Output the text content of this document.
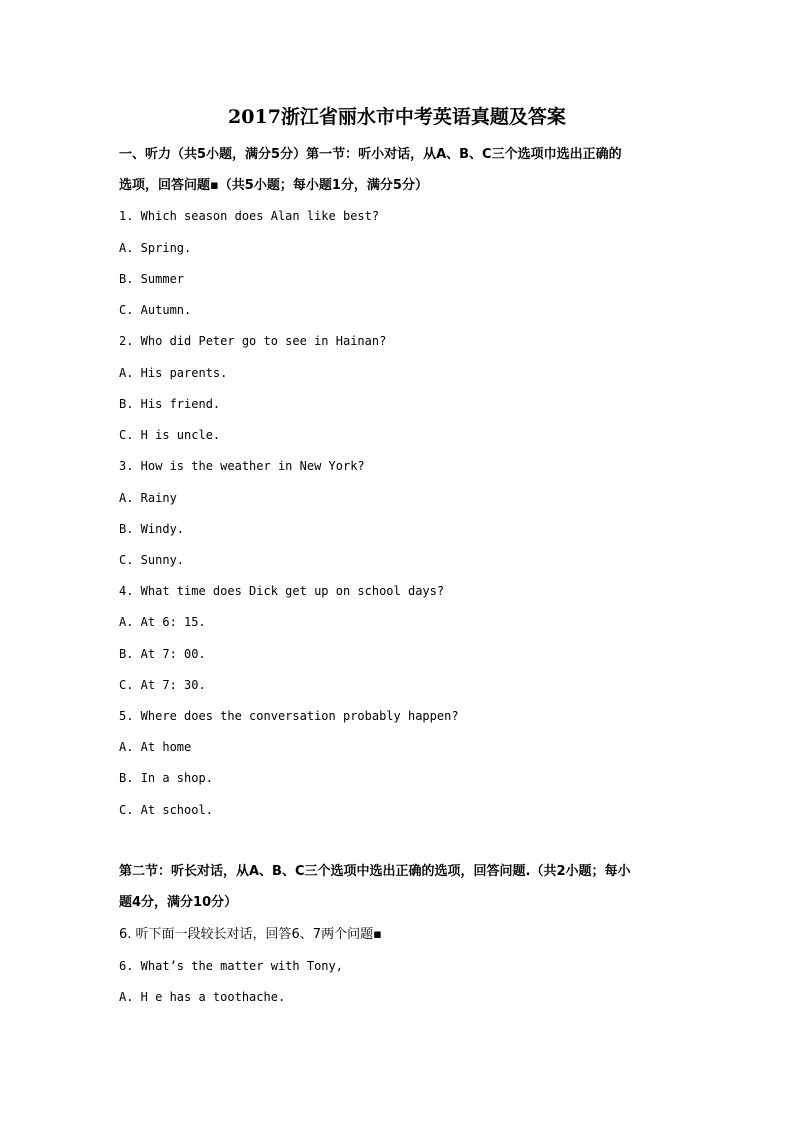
2017浙江省丽水市中考英语真题及答案
一、听力（共5小题，满分5分）第一节：听小对话，从A、B、C三个选项巾选出正确的
选项，回答问题▪（共5小题；每小题1分，满分5分）
1. Which season does Alan like best?
A. Spring.
B. Summer
C. Autumn.
2. Who did Peter go to see in Hainan?
A. His parents.
B. His friend.
C. H is uncle.
3. How is the weather in New York?
A. Rainy
B. Windy.
C. Sunny.
4. What time does Dick get up on school days?
A. At 6: 15.
B. At 7: 00.
C. At 7: 30.
5. Where does the conversation probably happen?
A. At home
B. In a shop.
C. At school.
第二节：听长对话，从A、B、C三个选项中选出正确的选项，回答问题.（共2小题；每小
题4分，满分10分）
6. 听下面一段较长对话，回答6、7两个问题▪
6. What’s the matter with Tony,
A. H e has a toothache.
